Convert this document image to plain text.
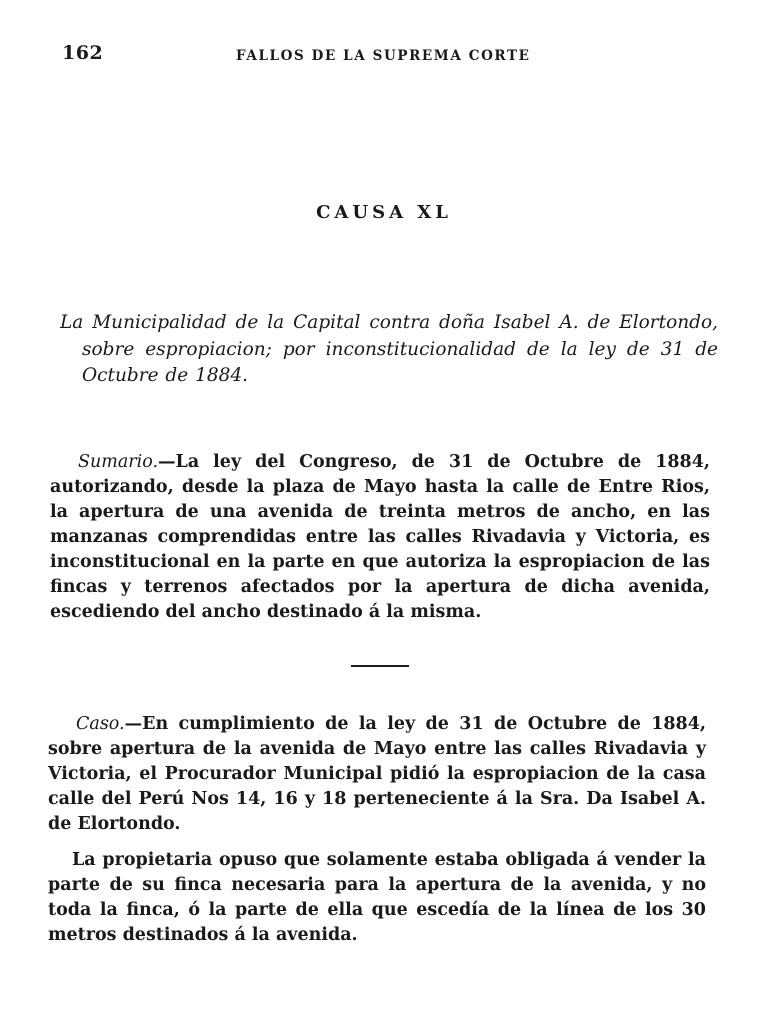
162	FALLOS DE LA SUPREMA CORTE
CAUSA XL
La Municipalidad de la Capital contra doña Isabel A. de Elortondo, sobre espropiacion; por inconstitucionalidad de la ley de 31 de Octubre de 1884.
Sumario.—La ley del Congreso, de 31 de Octubre de 1884, autorizando, desde la plaza de Mayo hasta la calle de Entre Rios, la apertura de una avenida de treinta metros de ancho, en las manzanas comprendidas entre las calles Rivadavia y Victoria, es inconstitucional en la parte en que autoriza la espropiacion de las fincas y terrenos afectados por la apertura de dicha avenida, escediendo del ancho destinado á la misma.
Caso.—En cumplimiento de la ley de 31 de Octubre de 1884, sobre apertura de la avenida de Mayo entre las calles Rivadavia y Victoria, el Procurador Municipal pidió la espropiacion de la casa calle del Perú Nos 14, 16 y 18 perteneciente á la Sra. Da Isabel A. de Elortondo.
La propietaria opuso que solamente estaba obligada á vender la parte de su finca necesaria para la apertura de la avenida, y no toda la finca, ó la parte de ella que escedía de la línea de los 30 metros destinados á la avenida.
